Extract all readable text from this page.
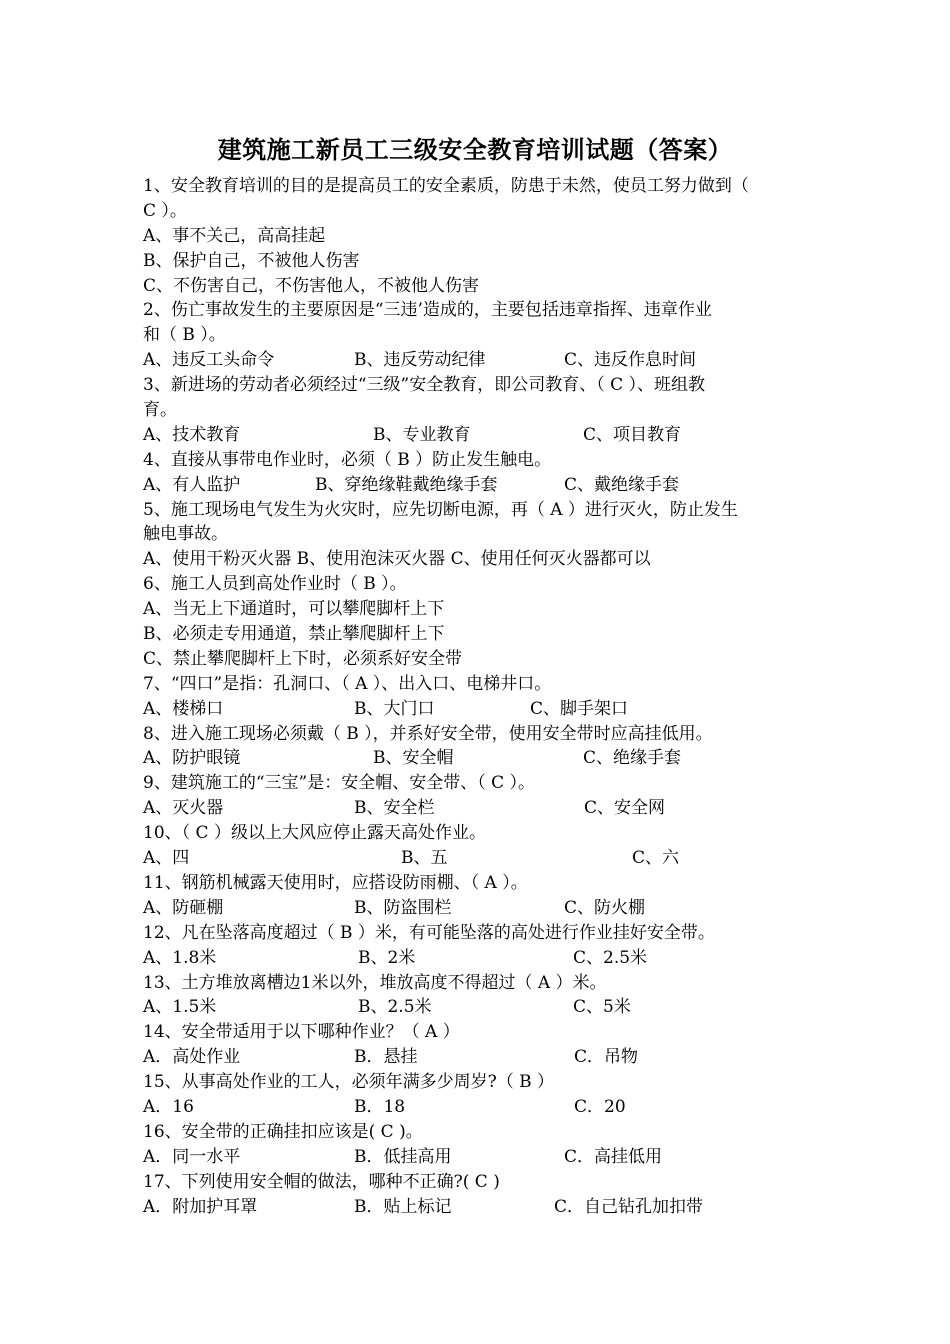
建筑施工新员工三级安全教育培训试题（答案）
1、安全教育培训的目的是提高员工的安全素质，防患于未然，使员工努力做到（
C ）。
A、事不关己，高高挂起
B、保护自己，不被他人伤害
C、不伤害自己，不伤害他人，不被他人伤害
2、伤亡事故发生的主要原因是“三违’造成的，主要包括违章指挥、违章作业
和（ B ）。
A、违反工头命令	B、违反劳动纪律	C、违反作息时间
3、新进场的劳动者必须经过“三级”安全教育，即公司教育、（ C ）、班组教
育。
A、技术教育	B、专业教育	C、项目教育
4、直接从事带电作业时，必须（ B ）防止发生触电。
A、有人监护	B、穿绝缘鞋戴绝缘手套	C、戴绝缘手套
5、施工现场电气发生为火灾时，应先切断电源，再（ A ）进行灭火，防止发生
触电事故。
A、使用干粉灭火器 B、使用泡沫灭火器 C、使用任何灭火器都可以
6、施工人员到高处作业时（ B ）。
A、当无上下通道时，可以攀爬脚杆上下
B、必须走专用通道，禁止攀爬脚杆上下
C、禁止攀爬脚杆上下时，必须系好安全带
7、“四口”是指：孔洞口、（ A ）、出入口、电梯井口。
A、楼梯口	B、大门口	C、脚手架口
8、进入施工现场必须戴（ B ），并系好安全带，使用安全带时应高挂低用。
A、防护眼镜	B、安全帽	C、绝缘手套
9、建筑施工的“三宝”是：安全帽、安全带、（ C ）。
A、灭火器	B、安全栏	C、安全网
10、（ C ）级以上大风应停止露天高处作业。
A、四	B、五	C、六
11、钢筋机械露天使用时，应搭设防雨棚、（ A ）。
A、防砸棚	B、防盗围栏	C、防火棚
12、凡在坠落高度超过（ B ）米，有可能坠落的高处进行作业挂好安全带。
A、1.8米	B、2米	C、2.5米
13、土方堆放离槽边1米以外，堆放高度不得超过（ A ）米。
A、1.5米	B、2.5米	C、5米
14、安全带适用于以下哪种作业？（ A ）
A．高处作业	B．悬挂	C．吊物
15、从事高处作业的工人，必须年满多少周岁?（ B ）
A．16	B．18	C．20
16、安全带的正确挂扣应该是( C )。
A．同一水平	B．低挂高用	C．高挂低用
17、下列使用安全帽的做法，哪种不正确?( C )
A．附加护耳罩	B．贴上标记	C．自己钻孔加扣带
